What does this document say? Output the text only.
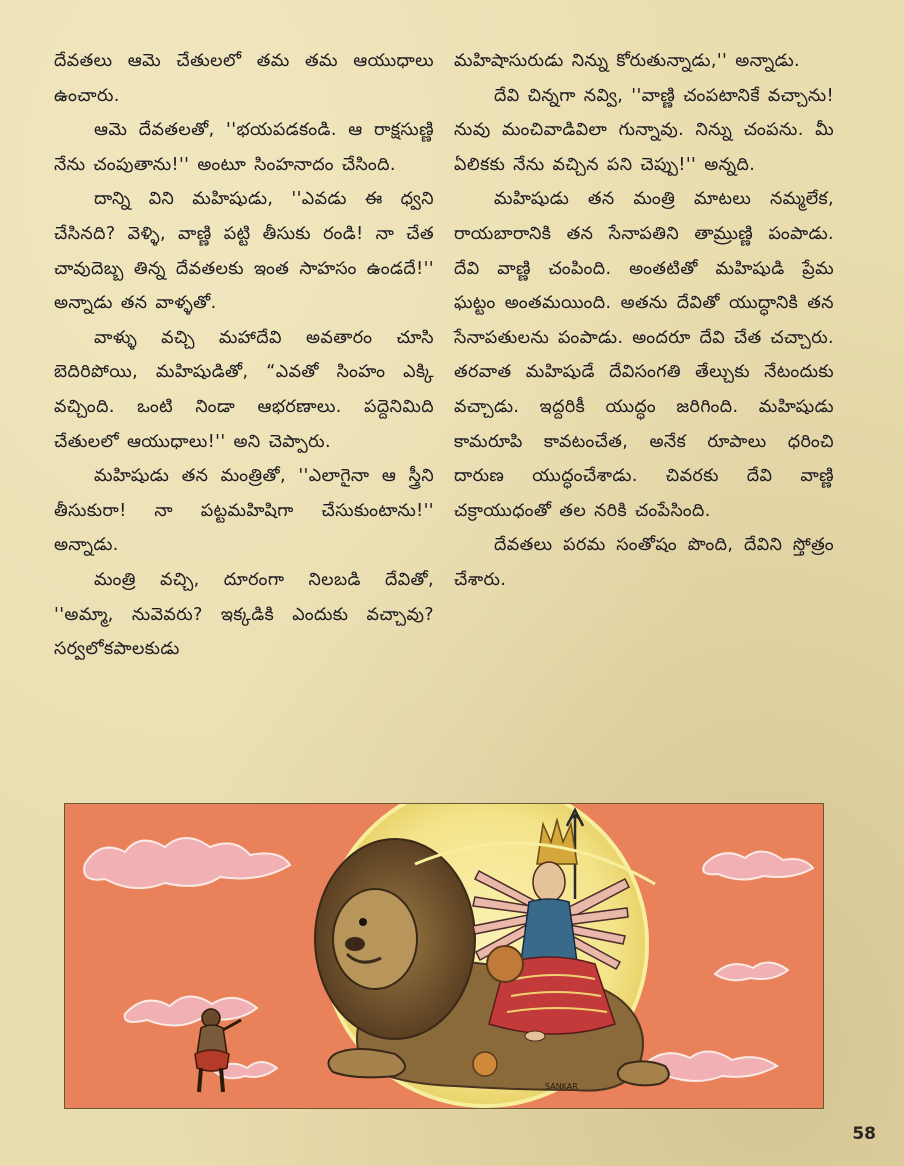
దేవతలు ఆమె చేతులలో తమ తమ ఆయుధాలు ఉంచారు.

ఆమె దేవతలతో, ''భయపడకండి. ఆ రాక్షసుణ్ణి నేను చంపుతాను!'' అంటూ సింహనాదం చేసింది.

దాన్ని విని మహిషుడు, ''ఎవడు ఈ ధ్వని చేసినది? వెళ్ళి, వాణ్ణి పట్టి తీసుకు రండి! నా చేత చావుదెబ్బ తిన్న దేవతలకు ఇంత సాహసం ఉండదే!'' అన్నాడు తన వాళ్ళతో.

వాళ్ళు వచ్చి మహాదేవి అవతారం చూసి బెదిరిపోయి, మహిషుడితో, “ఎవతో సింహం ఎక్కి వచ్చింది. ఒంటి నిండా ఆభరణాలు. పద్దెనిమిది చేతులలో ఆయుధాలు!'' అని చెప్పారు.

మహిషుడు తన మంత్రితో, ''ఎలాగైనా ఆ స్త్రీని తీసుకురా! నా పట్టమహిషిగా చేసుకుంటాను!'' అన్నాడు.

మంత్రి వచ్చి, దూరంగా నిలబడి దేవితో, ''అమ్మా, నువెవరు? ఇక్కడికి ఎందుకు వచ్చావు? సర్వలోకపాలకుడు

మహిషాసురుడు నిన్ను కోరుతున్నాడు,'' అన్నాడు.

దేవి చిన్నగా నవ్వి, ''వాణ్ణి చంపటానికే వచ్చాను! నువు మంచివాడివిలా గున్నావు. నిన్ను చంపను. మీ ఏలికకు నేను వచ్చిన పని చెప్పు!'' అన్నది.

మహిషుడు తన మంత్రి మాటలు నమ్మలేక, రాయబారానికి తన సేనాపతిని తామ్రుణ్ణి పంపాడు. దేవి వాణ్ణి చంపింది. అంతటితో మహిషుడి ప్రేమ ఘట్టం అంతమయింది. అతను దేవితో యుద్ధానికి తన సేనాపతులను పంపాడు. అందరూ దేవి చేత చచ్చారు. తరవాత మహిషుడే దేవిసంగతి తేల్చుకు నేటందుకు వచ్చాడు. ఇద్దరికీ యుద్ధం జరిగింది. మహిషుడు కామరూపి కావటంచేత, అనేక రూపాలు ధరించి దారుణ యుద్ధంచేశాడు. చివరకు దేవి వాణ్ణి చక్రాయుధంతో తల నరికి చంపేసింది.

దేవతలు పరమ సంతోషం పొంది, దేవిని స్తోత్రం చేశారు.

SANKAR
58
